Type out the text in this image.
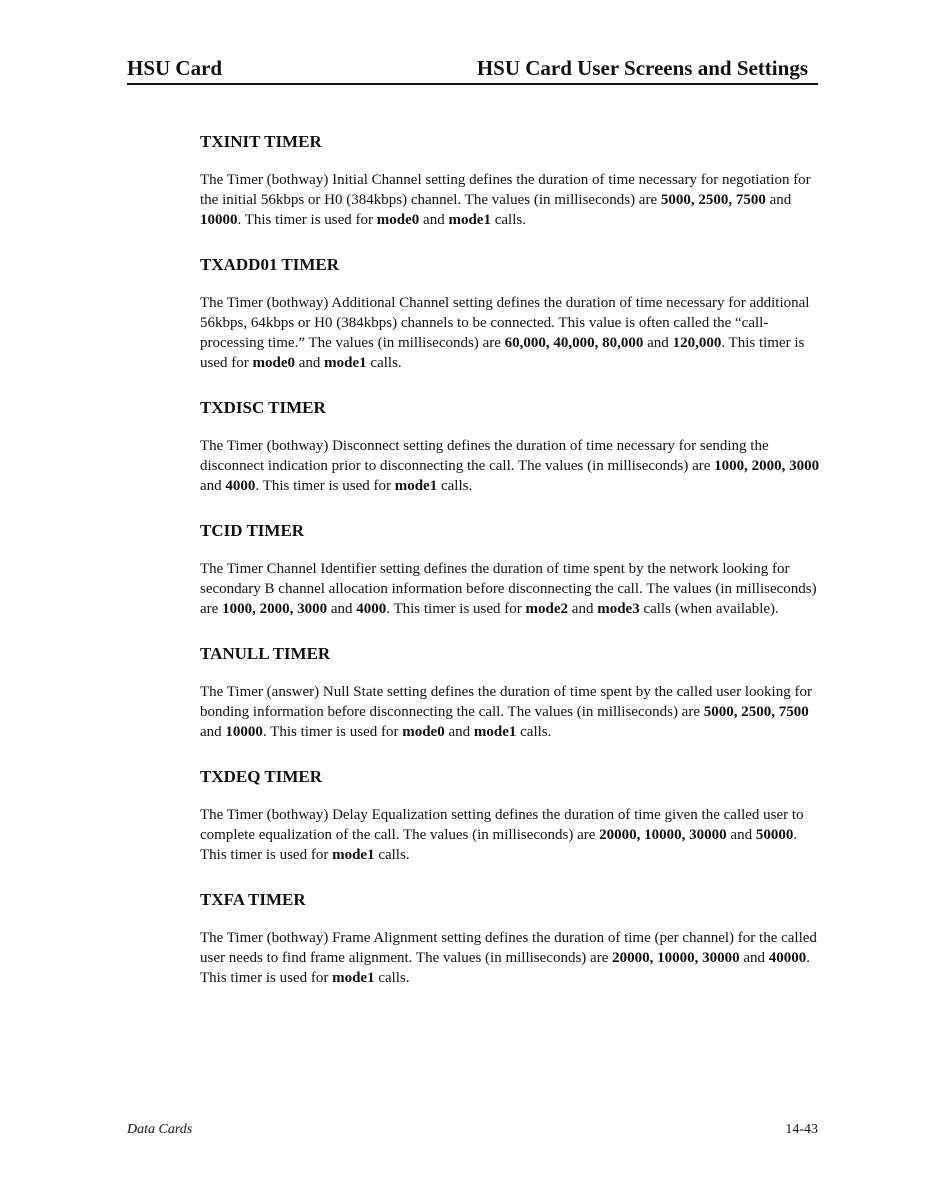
HSU Card	HSU Card User Screens and Settings
TXINIT TIMER

The Timer (bothway) Initial Channel setting defines the duration of time necessary for negotiation for the initial 56kbps or H0 (384kbps) channel. The values (in milliseconds) are 5000, 2500, 7500 and 10000. This timer is used for mode0 and mode1 calls.

TXADD01 TIMER

The Timer (bothway) Additional Channel setting defines the duration of time necessary for additional 56kbps, 64kbps or H0 (384kbps) channels to be connected. This value is often called the “call-processing time.” The values (in milliseconds) are 60,000, 40,000, 80,000 and 120,000. This timer is used for mode0 and mode1 calls.

TXDISC TIMER

The Timer (bothway) Disconnect setting defines the duration of time necessary for sending the disconnect indication prior to disconnecting the call. The values (in milliseconds) are 1000, 2000, 3000 and 4000. This timer is used for mode1 calls.

TCID TIMER

The Timer Channel Identifier setting defines the duration of time spent by the network looking for secondary B channel allocation information before disconnecting the call. The values (in milliseconds) are 1000, 2000, 3000 and 4000. This timer is used for mode2 and mode3 calls (when available).

TANULL TIMER

The Timer (answer) Null State setting defines the duration of time spent by the called user looking for bonding information before disconnecting the call. The values (in milliseconds) are 5000, 2500, 7500 and 10000. This timer is used for mode0 and mode1 calls.

TXDEQ TIMER

The Timer (bothway) Delay Equalization setting defines the duration of time given the called user to complete equalization of the call. The values (in milliseconds) are 20000, 10000, 30000 and 50000. This timer is used for mode1 calls.

TXFA TIMER

The Timer (bothway) Frame Alignment setting defines the duration of time (per channel) for the called user needs to find frame alignment. The values (in milliseconds) are 20000, 10000, 30000 and 40000. This timer is used for mode1 calls.

Data Cards	14-43
